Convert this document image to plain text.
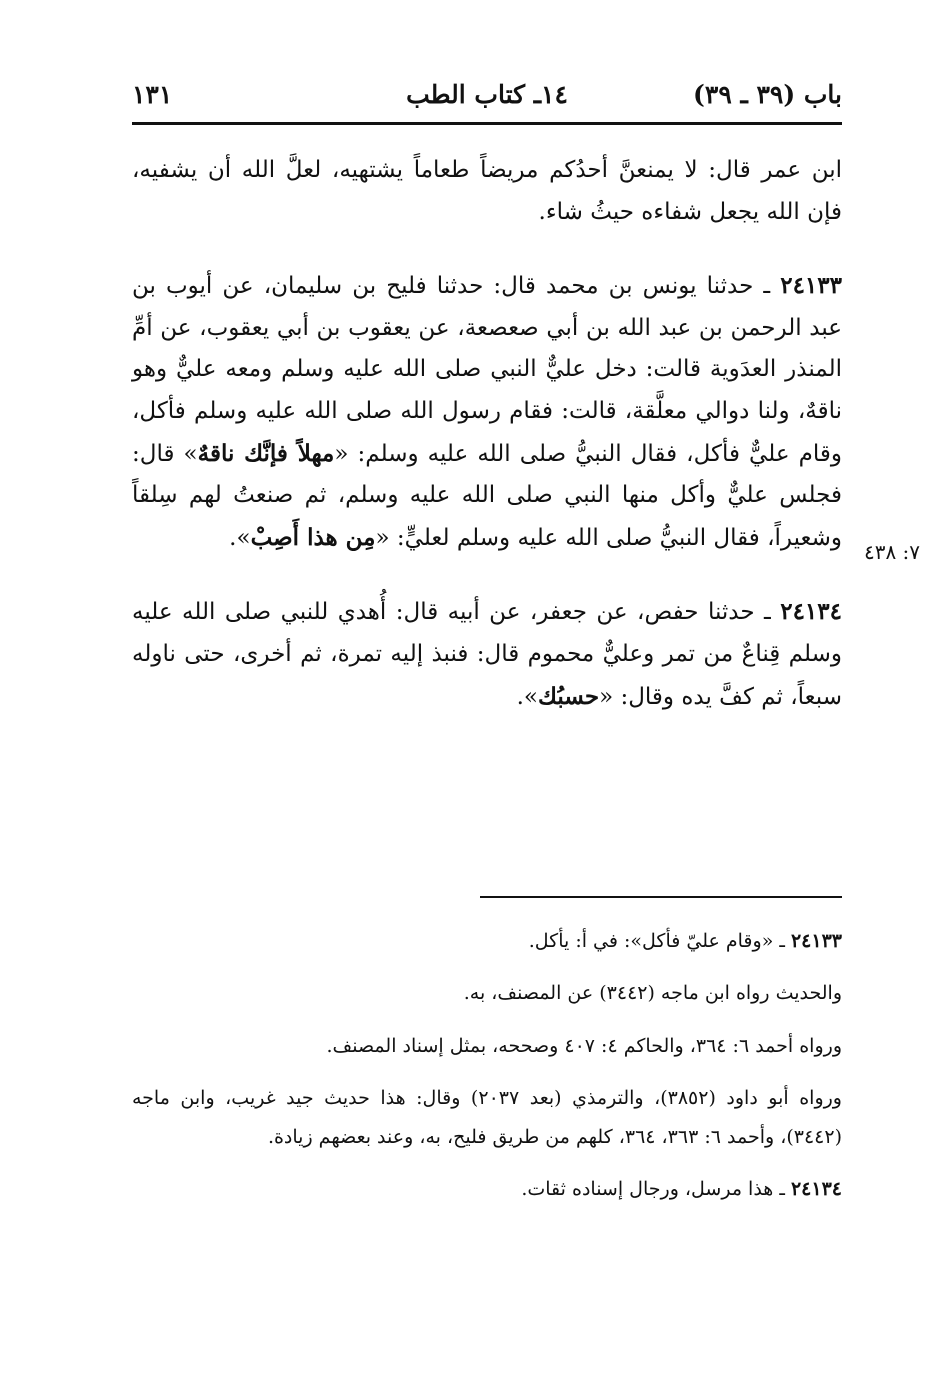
باب (٣٩ ـ ٣٩)
١٤ـ كتاب الطب
١٣١

ابن عمر قال: لا يمنعنَّ أحدُكم مريضاً طعاماً يشتهيه، لعلَّ الله أن يشفيه، فإن الله يجعل شفاءه حيثُ شاء.

٢٤١٣٣ ـ حدثنا يونس بن محمد قال: حدثنا فليح بن سليمان، عن أيوب بن عبد الرحمن بن عبد الله بن أبي صعصعة، عن يعقوب بن أبي يعقوب، عن أمِّ المنذر العدَوية قالت: دخل عليٌّ النبي صلى الله عليه وسلم ومعه عليٌّ وهو ناقهٌ، ولنا دوالي معلَّقة، قالت: فقام رسول الله صلى الله عليه وسلم فأكل، وقام عليٌّ فأكل، فقال النبيُّ صلى الله عليه وسلم: «مهلاً فإنَّك ناقهٌ» قال: فجلس عليٌّ وأكل منها النبي صلى الله عليه وسلم، ثم صنعتُ لهم سِلقاً وشعيراً، فقال النبيُّ صلى الله عليه وسلم لعليٍّ: «مِن هذا أَصِبْ».

٢٤١٣٤ ـ حدثنا حفص، عن جعفر، عن أبيه قال: أُهدي للنبي صلى الله عليه وسلم قِناعٌ من تمر وعليٌّ محموم قال: فنبذ إليه تمرة، ثم أخرى، حتى ناوله سبعاً، ثم كفَّ يده وقال: «حسبُك».

٧: ٤٣٨

٢٤١٣٣ ـ «وقام عليّ فأكل»: في أ: يأكل.

والحديث رواه ابن ماجه (٣٤٤٢) عن المصنف، به.

ورواه أحمد ٦: ٣٦٤، والحاكم ٤: ٤٠٧ وصححه، بمثل إسناد المصنف.

ورواه أبو داود (٣٨٥٢)، والترمذي (بعد ٢٠٣٧) وقال: هذا حديث جيد غريب، وابن ماجه (٣٤٤٢)، وأحمد ٦: ٣٦٣، ٣٦٤، كلهم من طريق فليح، به، وعند بعضهم زيادة.

٢٤١٣٤ ـ هذا مرسل، ورجال إسناده ثقات.
